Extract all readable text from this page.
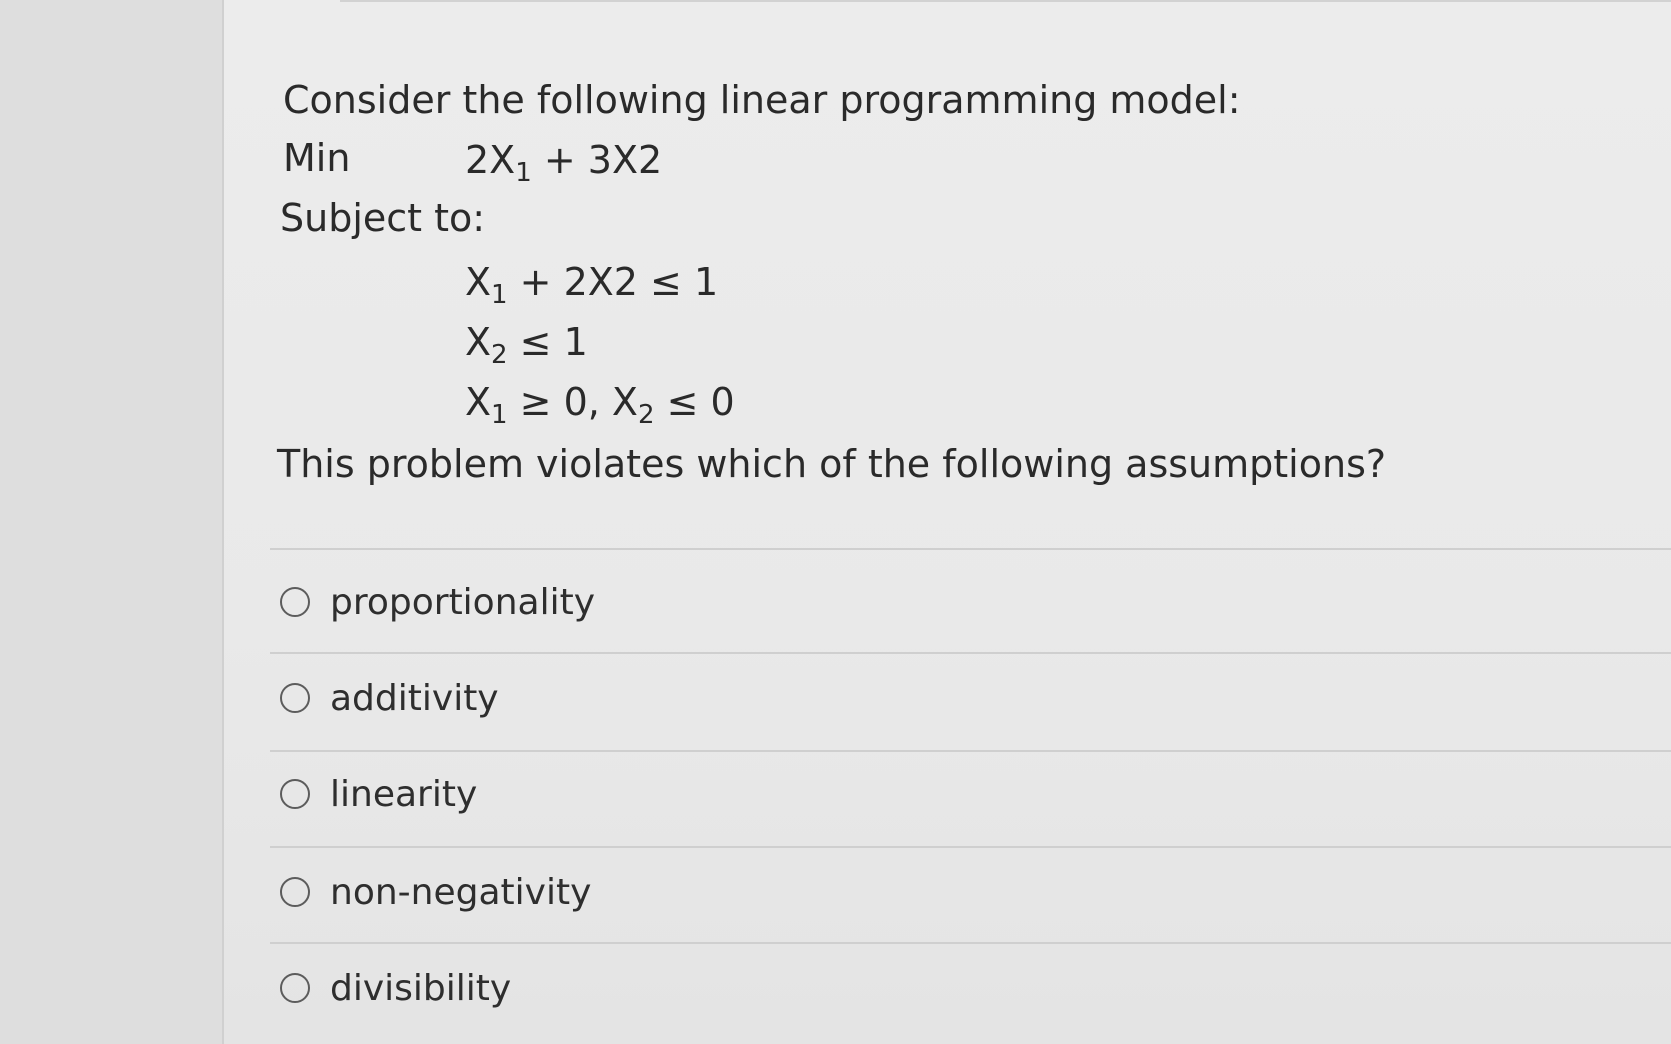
Consider the following linear programming model:
Min	$2X_1 + 3X2$
Subject to:
$X_1 + 2X2 \le 1$
$X_2 \le 1$
$X_1 \ge 0$, $X_2 \le 0$
This problem violates which of the following assumptions?
proportionality
additivity
linearity
non-negativity
divisibility
